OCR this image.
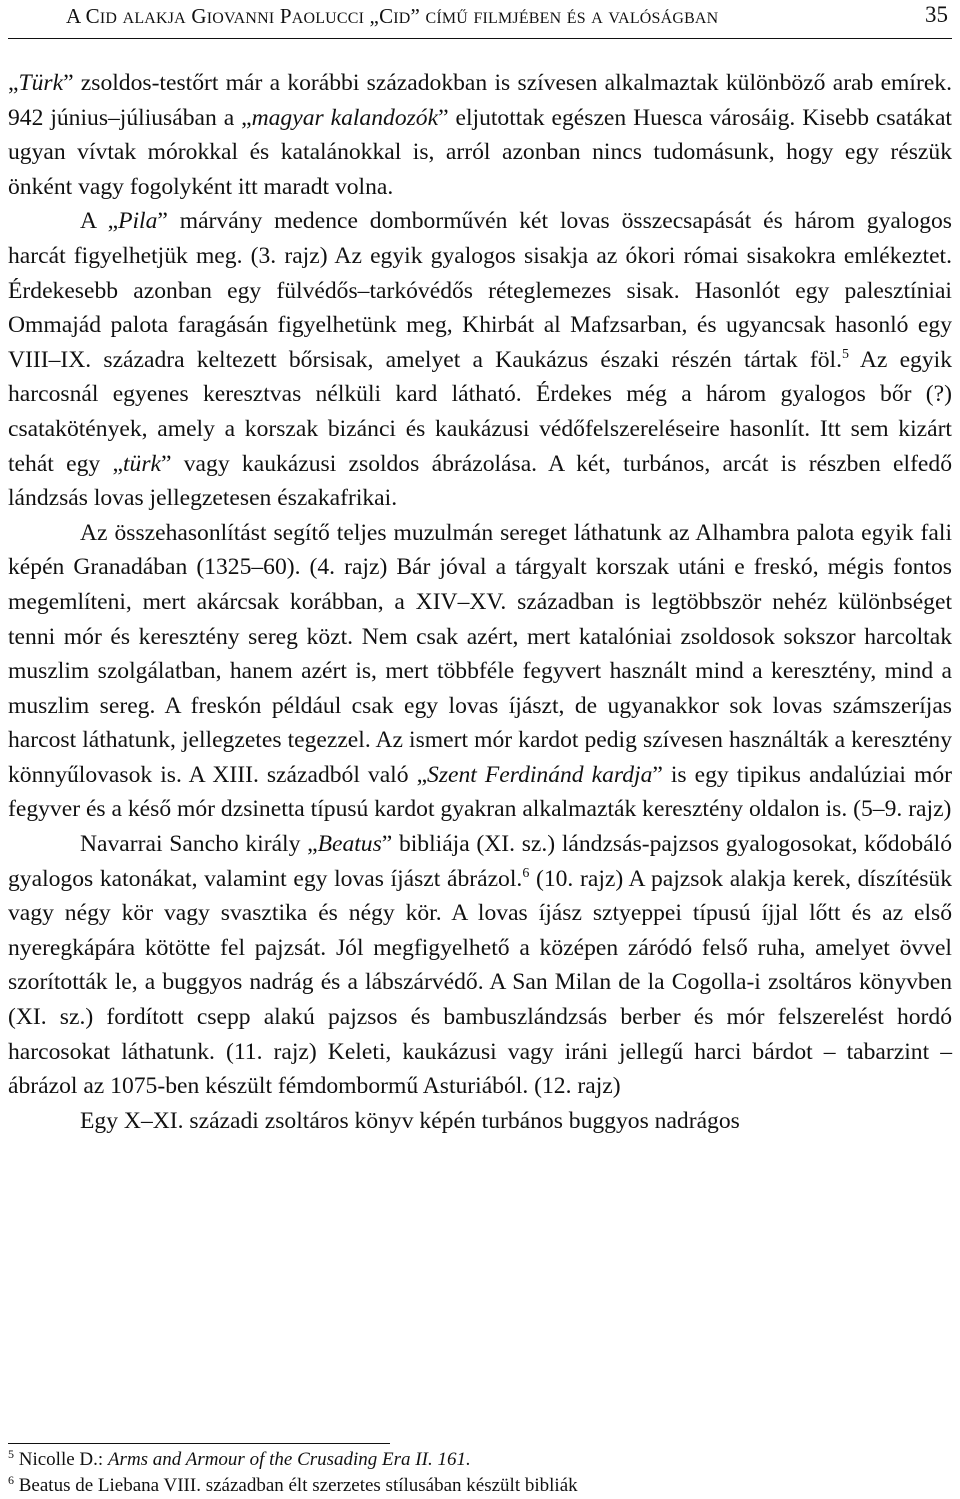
A CID ALAKJA GIOVANNI PAOLUCCI „CID” CÍMŰ FILMJÉBEN ÉS A VALÓSÁGBAN	35

„Türk” zsoldos-testőrt már a korábbi századokban is szívesen alkalmaztak különböző arab emírek. 942 június–júliusában a „magyar kalandozók” eljutottak egészen Huesca városáig. Kisebb csatákat ugyan vívtak mórokkal és katalánokkal is, arról azonban nincs tudomásunk, hogy egy részük önként vagy fogolyként itt maradt volna.

A „Pila” márvány medence domborművén két lovas összecsapását és három gyalogos harcát figyelhetjük meg. (3. rajz) Az egyik gyalogos sisakja az ókori római sisakokra emlékeztet. Érdekesebb azonban egy fülvédős–tarkóvédős réteglemezes sisak. Hasonlót egy palesztíniai Ommajád palota faragásán figyelhetünk meg, Khirbát al Mafzsarban, és ugyancsak hasonló egy VIII–IX. századra keltezett bőrsisak, amelyet a Kaukázus északi részén tártak föl.$^5$ Az egyik harcosnál egyenes keresztvas nélküli kard látható. Érdekes még a három gyalogos bőr (?) csatakötények, amely a korszak bizánci és kaukázusi védőfelszereléseire hasonlít. Itt sem kizárt tehát egy „türk” vagy kaukázusi zsoldos ábrázolása. A két, turbános, arcát is részben elfedő lándzsás lovas jellegzetesen északafrikai.

Az összehasonlítást segítő teljes muzulmán sereget láthatunk az Alhambra palota egyik fali képén Granadában (1325–60). (4. rajz) Bár jóval a tárgyalt korszak utáni e freskó, mégis fontos megemlíteni, mert akárcsak korábban, a XIV–XV. században is legtöbbször nehéz különbséget tenni mór és keresztény sereg közt. Nem csak azért, mert katalóniai zsoldosok sokszor harcoltak muszlim szolgálatban, hanem azért is, mert többféle fegyvert használt mind a keresztény, mind a muszlim sereg. A freskón például csak egy lovas íjászt, de ugyanakkor sok lovas számszeríjas harcost láthatunk, jellegzetes tegezzel. Az ismert mór kardot pedig szívesen használták a keresztény könnyűlovasok is. A XIII. századból való „Szent Ferdinánd kardja” is egy tipikus andalúziai mór fegyver és a késő mór dzsinetta típusú kardot gyakran alkalmazták keresztény oldalon is. (5–9. rajz)

Navarrai Sancho király „Beatus” bibliája (XI. sz.) lándzsás-pajzsos gyalogosokat, kődobáló gyalogos katonákat, valamint egy lovas íjászt ábrázol.$^6$ (10. rajz) A pajzsok alakja kerek, díszítésük vagy négy kör vagy svasztika és négy kör. A lovas íjász sztyeppei típusú íjjal lőtt és az első nyeregkápára kötötte fel pajzsát. Jól megfigyelhető a középen záródó felső ruha, amelyet övvel szorították le, a buggyos nadrág és a lábszárvédő. A San Milan de la Cogolla-i zsoltáros könyvben (XI. sz.) fordított csepp alakú pajzsos és bambuszlándzsás berber és mór felszerelést hordó harcosokat láthatunk. (11. rajz) Keleti, kaukázusi vagy iráni jellegű harci bárdot – tabarzint – ábrázol az 1075-ben készült fémdombormű Asturiából. (12. rajz)

Egy X–XI. századi zsoltáros könyv képén turbános buggyos nadrágos

$^5$ Nicolle D.: Arms and Armour of the Crusading Era II. 161.

$^6$ Beatus de Liebana VIII. században élt szerzetes stílusában készült bibliák
